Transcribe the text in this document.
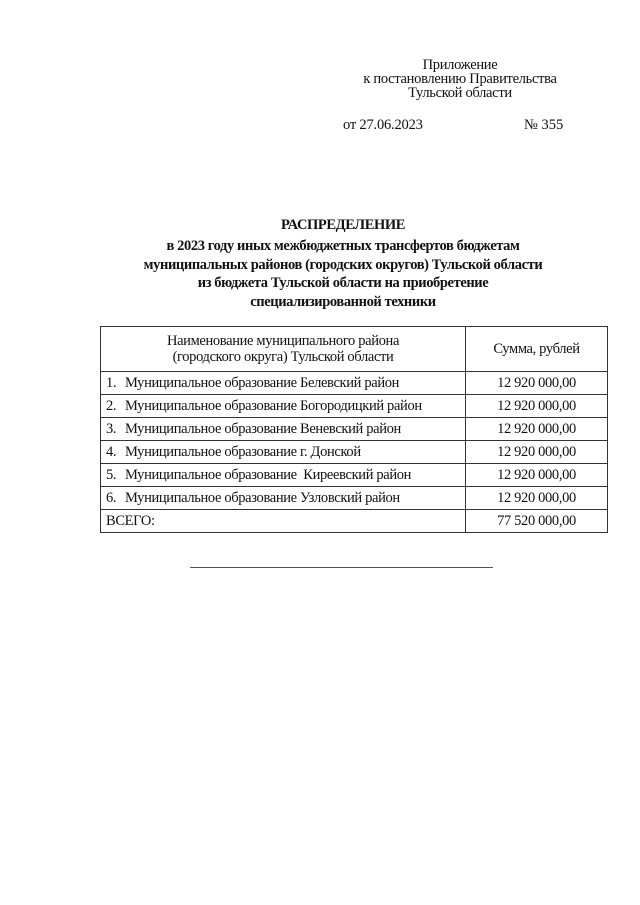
Приложение
к постановлению Правительства
Тульской области
от 27.06.2023	№ 355
РАСПРЕДЕЛЕНИЕ
в 2023 году иных межбюджетных трансфертов бюджетам
муниципальных районов (городских округов) Тульской области
из бюджета Тульской области на приобретение
специализированной техники
Наименование муниципального района
(городского округа) Тульской области	Сумма, рублей
1. Муниципальное образование Белевский район	12 920 000,00
2. Муниципальное образование Богородицкий район	12 920 000,00
3. Муниципальное образование Веневский район	12 920 000,00
4. Муниципальное образование г. Донской	12 920 000,00
5. Муниципальное образование  Киреевский район	12 920 000,00
6. Муниципальное образование Узловский район	12 920 000,00
ВСЕГО:	77 520 000,00
